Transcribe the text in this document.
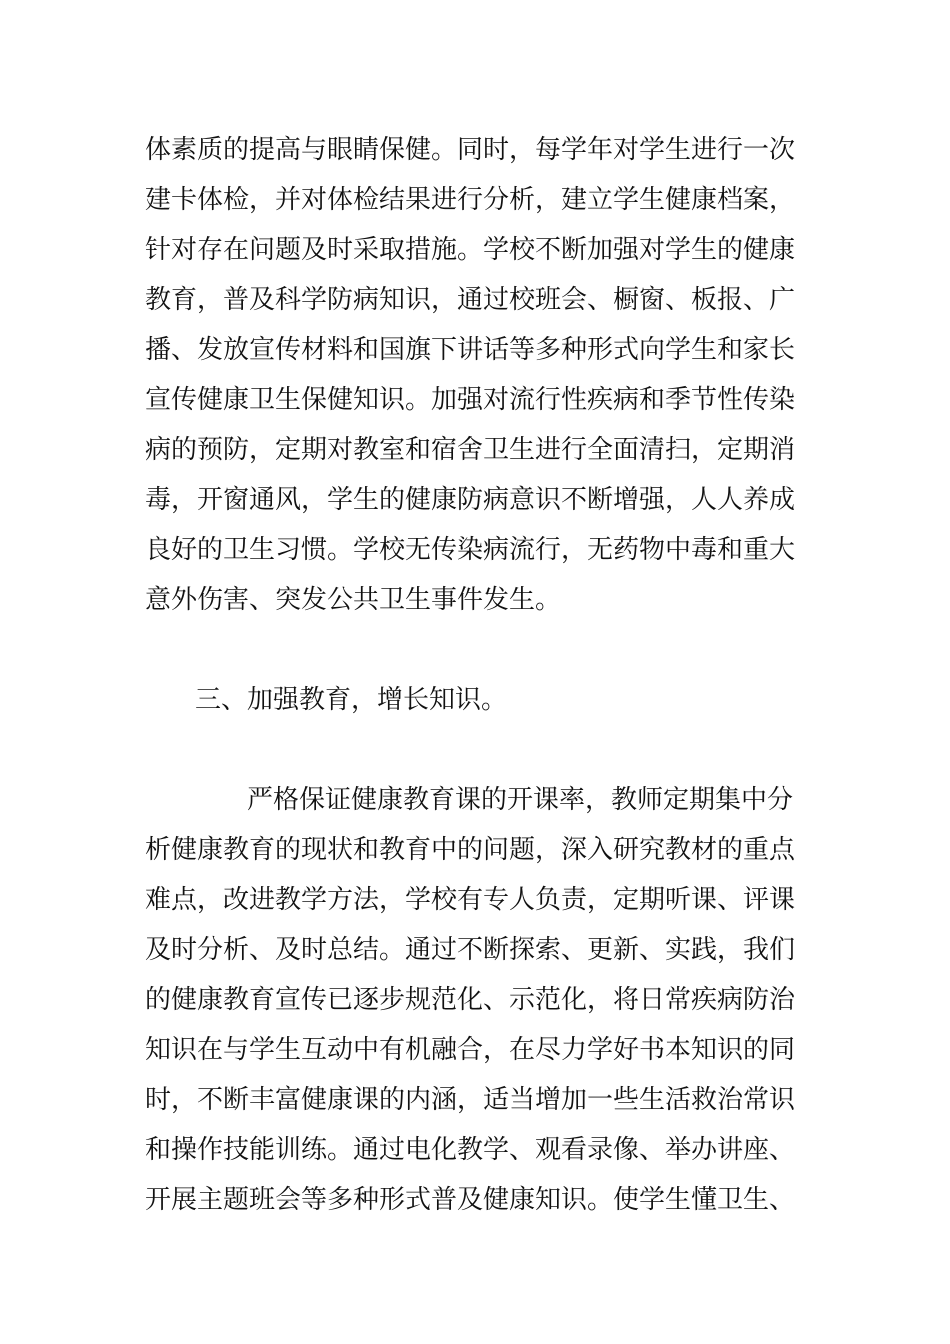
体素质的提高与眼睛保健。同时，每学年对学生进行一次
建卡体检，并对体检结果进行分析，建立学生健康档案，
针对存在问题及时采取措施。学校不断加强对学生的健康
教育，普及科学防病知识，通过校班会、橱窗、板报、广
播、发放宣传材料和国旗下讲话等多种形式向学生和家长
宣传健康卫生保健知识。加强对流行性疾病和季节性传染
病的预防，定期对教室和宿舍卫生进行全面清扫，定期消
毒，开窗通风，学生的健康防病意识不断增强，人人养成
良好的卫生习惯。学校无传染病流行，无药物中毒和重大
意外伤害、突发公共卫生事件发生。
三、加强教育，增长知识。
严格保证健康教育课的开课率，教师定期集中分
析健康教育的现状和教育中的问题，深入研究教材的重点
难点，改进教学方法，学校有专人负责，定期听课、评课
及时分析、及时总结。通过不断探索、更新、实践，我们
的健康教育宣传已逐步规范化、示范化，将日常疾病防治
知识在与学生互动中有机融合，在尽力学好书本知识的同
时，不断丰富健康课的内涵，适当增加一些生活救治常识
和操作技能训练。通过电化教学、观看录像、举办讲座、
开展主题班会等多种形式普及健康知识。使学生懂卫生、
